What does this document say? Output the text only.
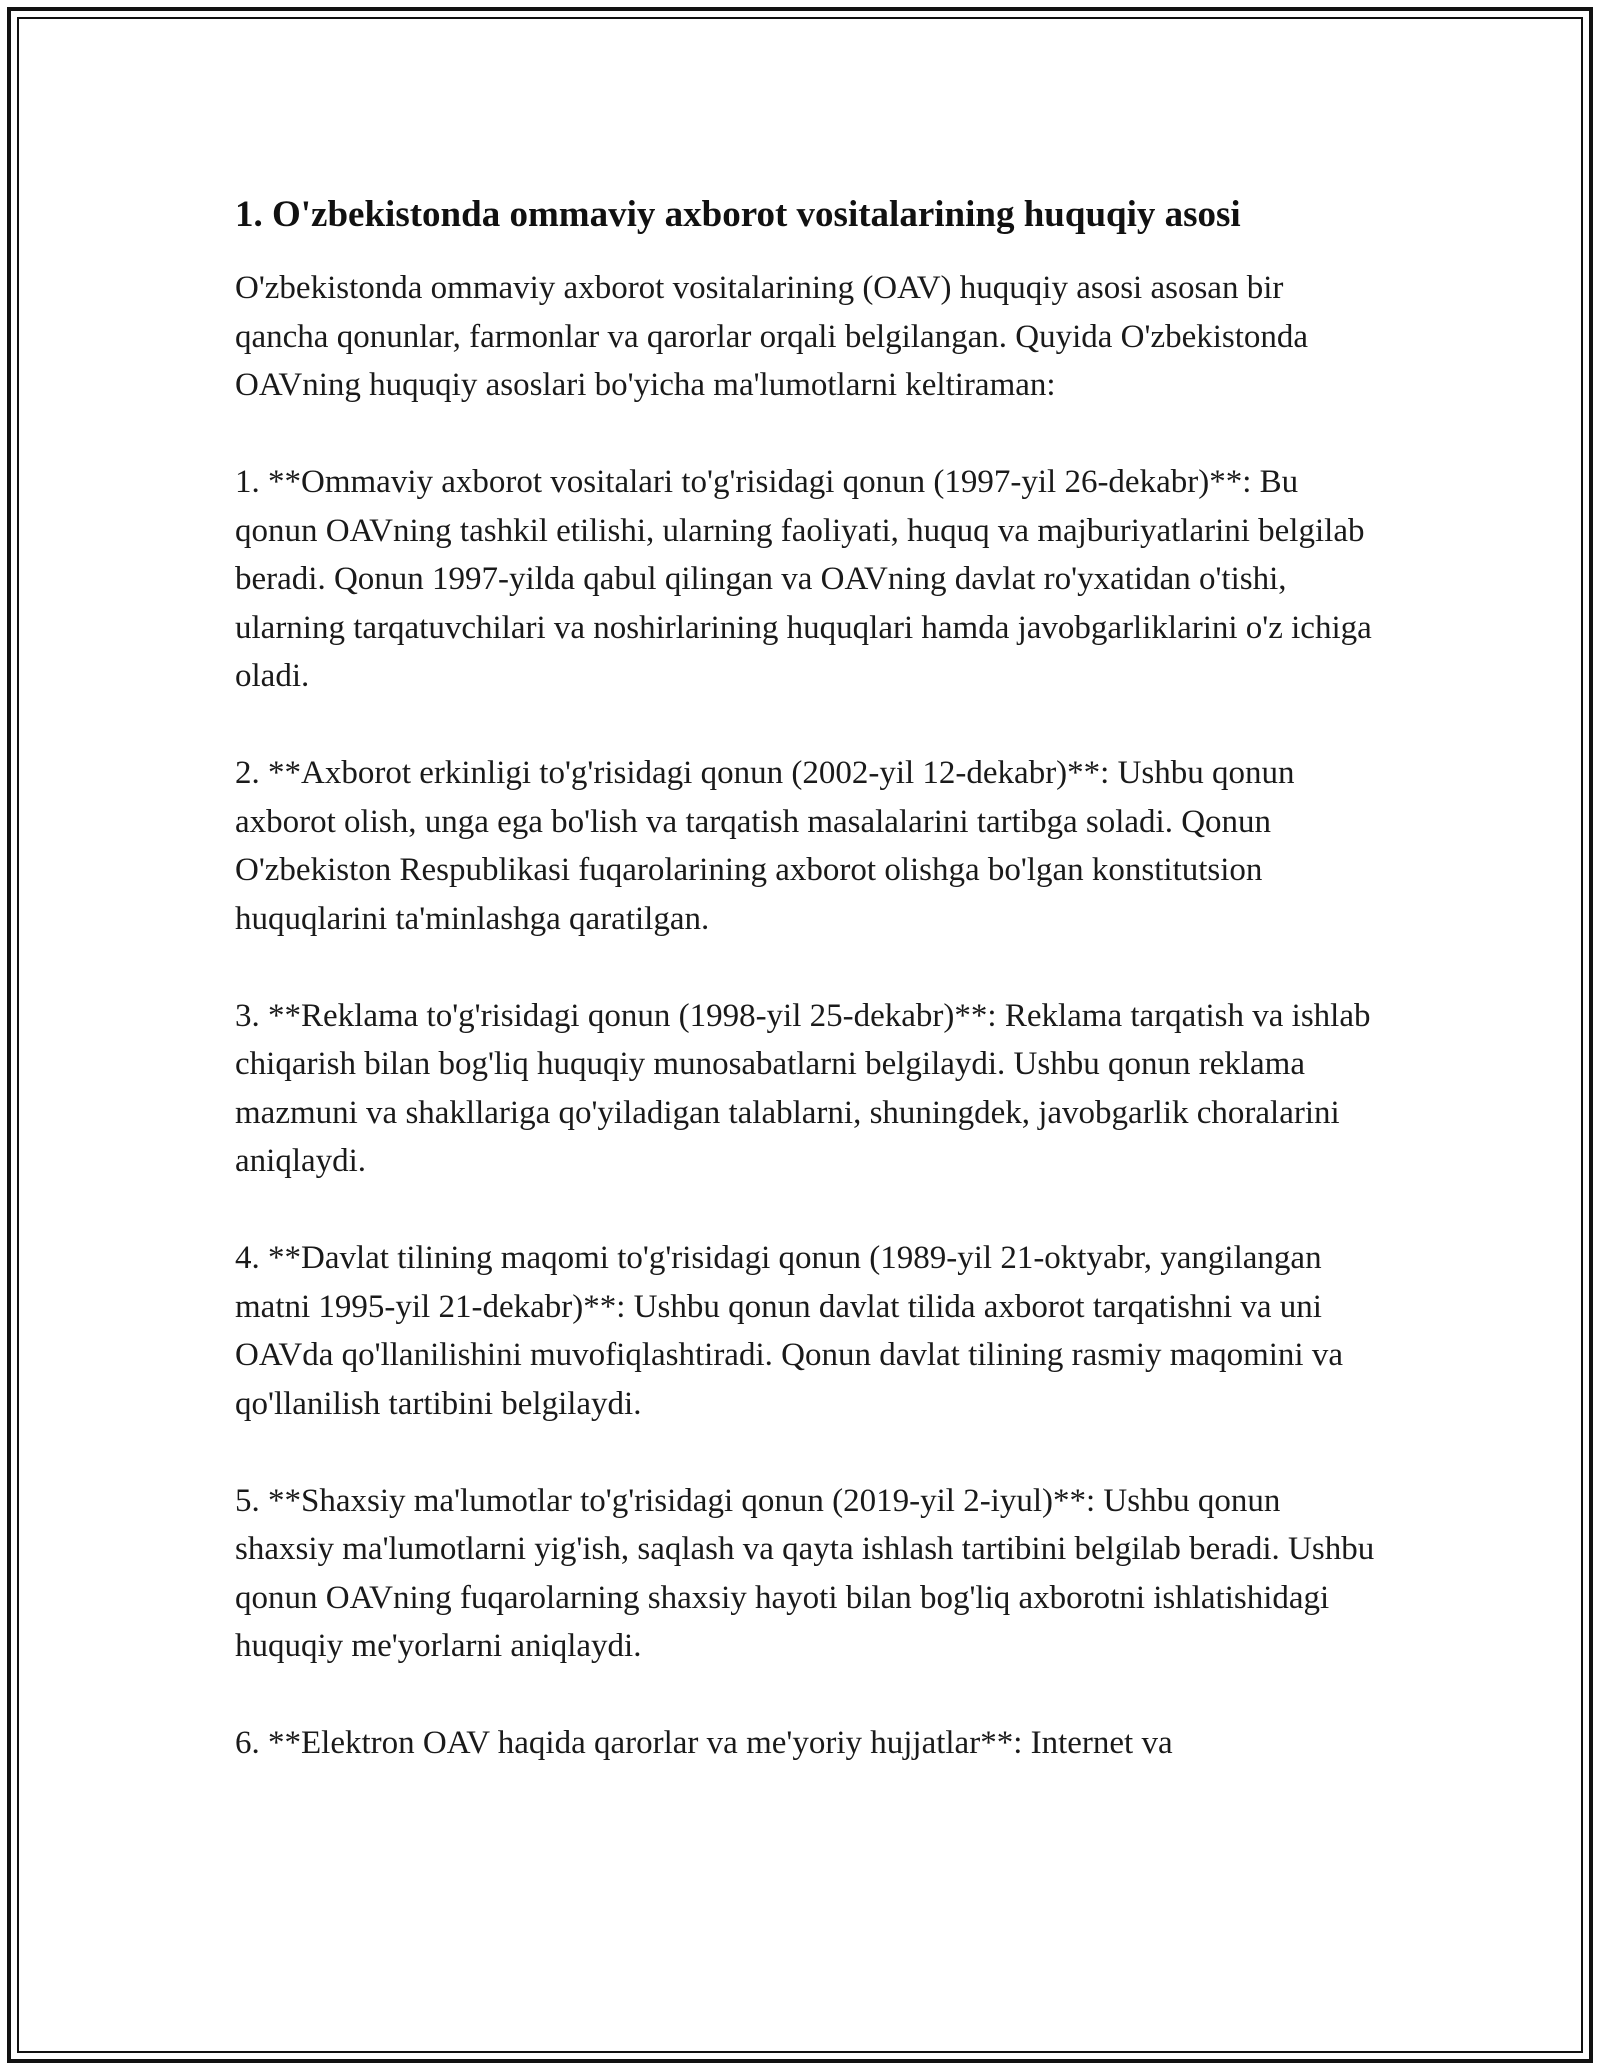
1. O'zbekistonda ommaviy axborot vositalarining huquqiy asosi

O'zbekistonda ommaviy axborot vositalarining (OAV) huquqiy asosi asosan bir qancha qonunlar, farmonlar va qarorlar orqali belgilangan. Quyida O'zbekistonda OAVning huquqiy asoslari bo'yicha ma'lumotlarni keltiraman:

1. **Ommaviy axborot vositalari to'g'risidagi qonun (1997-yil 26-dekabr)**: Bu qonun OAVning tashkil etilishi, ularning faoliyati, huquq va majburiyatlarini belgilab beradi. Qonun 1997-yilda qabul qilingan va OAVning davlat ro'yxatidan o'tishi, ularning tarqatuvchilari va noshirlarining huquqlari hamda javobgarliklarini o'z ichiga oladi.

2. **Axborot erkinligi to'g'risidagi qonun (2002-yil 12-dekabr)**: Ushbu qonun axborot olish, unga ega bo'lish va tarqatish masalalarini tartibga soladi. Qonun O'zbekiston Respublikasi fuqarolarining axborot olishga bo'lgan konstitutsion huquqlarini ta'minlashga qaratilgan.

3. **Reklama to'g'risidagi qonun (1998-yil 25-dekabr)**: Reklama tarqatish va ishlab chiqarish bilan bog'liq huquqiy munosabatlarni belgilaydi. Ushbu qonun reklama mazmuni va shakllariga qo'yiladigan talablarni, shuningdek, javobgarlik choralarini aniqlaydi.

4. **Davlat tilining maqomi to'g'risidagi qonun (1989-yil 21-oktyabr, yangilangan matni 1995-yil 21-dekabr)**: Ushbu qonun davlat tilida axborot tarqatishni va uni OAVda qo'llanilishini muvofiqlashtiradi. Qonun davlat tilining rasmiy maqomini va qo'llanilish tartibini belgilaydi.

5. **Shaxsiy ma'lumotlar to'g'risidagi qonun (2019-yil 2-iyul)**: Ushbu qonun shaxsiy ma'lumotlarni yig'ish, saqlash va qayta ishlash tartibini belgilab beradi. Ushbu qonun OAVning fuqarolarning shaxsiy hayoti bilan bog'liq axborotni ishlatishidagi huquqiy me'yorlarni aniqlaydi.

6. **Elektron OAV haqida qarorlar va me'yoriy hujjatlar**: Internet va
